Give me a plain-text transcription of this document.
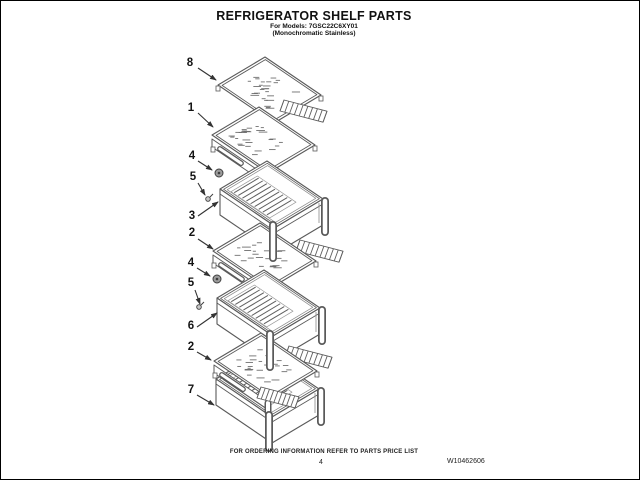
REFRIGERATOR SHELF PARTS
For Models: 7GSC22C6XY01
(Monochromatic Stainless)
8
1
4
5
3
2
4
5
6
2
7
FOR ORDERING INFORMATION REFER TO PARTS PRICE LIST
4	W10462606
